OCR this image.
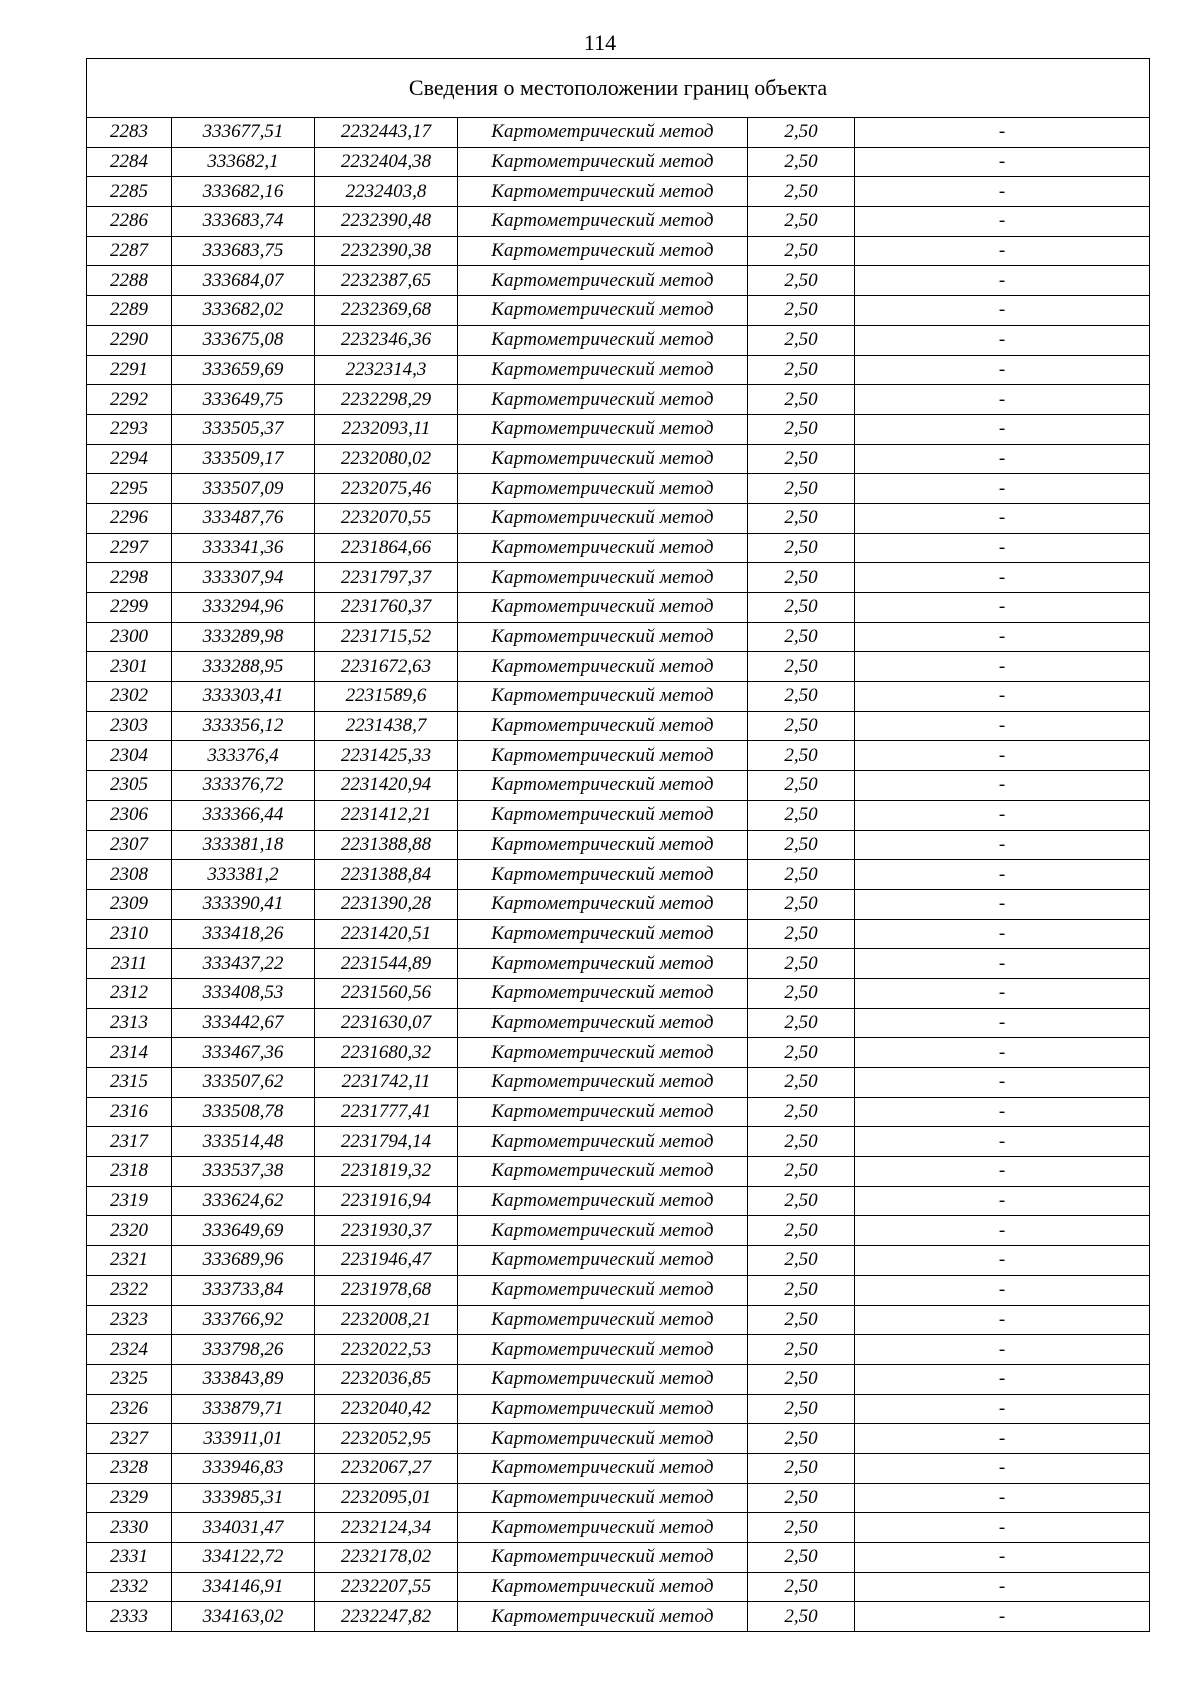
114
Сведения о местоположении границ объекта					
2283	333677,51	2232443,17	Картометрический метод	2,50	-
2284	333682,1	2232404,38	Картометрический метод	2,50	-
2285	333682,16	2232403,8	Картометрический метод	2,50	-
2286	333683,74	2232390,48	Картометрический метод	2,50	-
2287	333683,75	2232390,38	Картометрический метод	2,50	-
2288	333684,07	2232387,65	Картометрический метод	2,50	-
2289	333682,02	2232369,68	Картометрический метод	2,50	-
2290	333675,08	2232346,36	Картометрический метод	2,50	-
2291	333659,69	2232314,3	Картометрический метод	2,50	-
2292	333649,75	2232298,29	Картометрический метод	2,50	-
2293	333505,37	2232093,11	Картометрический метод	2,50	-
2294	333509,17	2232080,02	Картометрический метод	2,50	-
2295	333507,09	2232075,46	Картометрический метод	2,50	-
2296	333487,76	2232070,55	Картометрический метод	2,50	-
2297	333341,36	2231864,66	Картометрический метод	2,50	-
2298	333307,94	2231797,37	Картометрический метод	2,50	-
2299	333294,96	2231760,37	Картометрический метод	2,50	-
2300	333289,98	2231715,52	Картометрический метод	2,50	-
2301	333288,95	2231672,63	Картометрический метод	2,50	-
2302	333303,41	2231589,6	Картометрический метод	2,50	-
2303	333356,12	2231438,7	Картометрический метод	2,50	-
2304	333376,4	2231425,33	Картометрический метод	2,50	-
2305	333376,72	2231420,94	Картометрический метод	2,50	-
2306	333366,44	2231412,21	Картометрический метод	2,50	-
2307	333381,18	2231388,88	Картометрический метод	2,50	-
2308	333381,2	2231388,84	Картометрический метод	2,50	-
2309	333390,41	2231390,28	Картометрический метод	2,50	-
2310	333418,26	2231420,51	Картометрический метод	2,50	-
2311	333437,22	2231544,89	Картометрический метод	2,50	-
2312	333408,53	2231560,56	Картометрический метод	2,50	-
2313	333442,67	2231630,07	Картометрический метод	2,50	-
2314	333467,36	2231680,32	Картометрический метод	2,50	-
2315	333507,62	2231742,11	Картометрический метод	2,50	-
2316	333508,78	2231777,41	Картометрический метод	2,50	-
2317	333514,48	2231794,14	Картометрический метод	2,50	-
2318	333537,38	2231819,32	Картометрический метод	2,50	-
2319	333624,62	2231916,94	Картометрический метод	2,50	-
2320	333649,69	2231930,37	Картометрический метод	2,50	-
2321	333689,96	2231946,47	Картометрический метод	2,50	-
2322	333733,84	2231978,68	Картометрический метод	2,50	-
2323	333766,92	2232008,21	Картометрический метод	2,50	-
2324	333798,26	2232022,53	Картометрический метод	2,50	-
2325	333843,89	2232036,85	Картометрический метод	2,50	-
2326	333879,71	2232040,42	Картометрический метод	2,50	-
2327	333911,01	2232052,95	Картометрический метод	2,50	-
2328	333946,83	2232067,27	Картометрический метод	2,50	-
2329	333985,31	2232095,01	Картометрический метод	2,50	-
2330	334031,47	2232124,34	Картометрический метод	2,50	-
2331	334122,72	2232178,02	Картометрический метод	2,50	-
2332	334146,91	2232207,55	Картометрический метод	2,50	-
2333	334163,02	2232247,82	Картометрический метод	2,50	-
